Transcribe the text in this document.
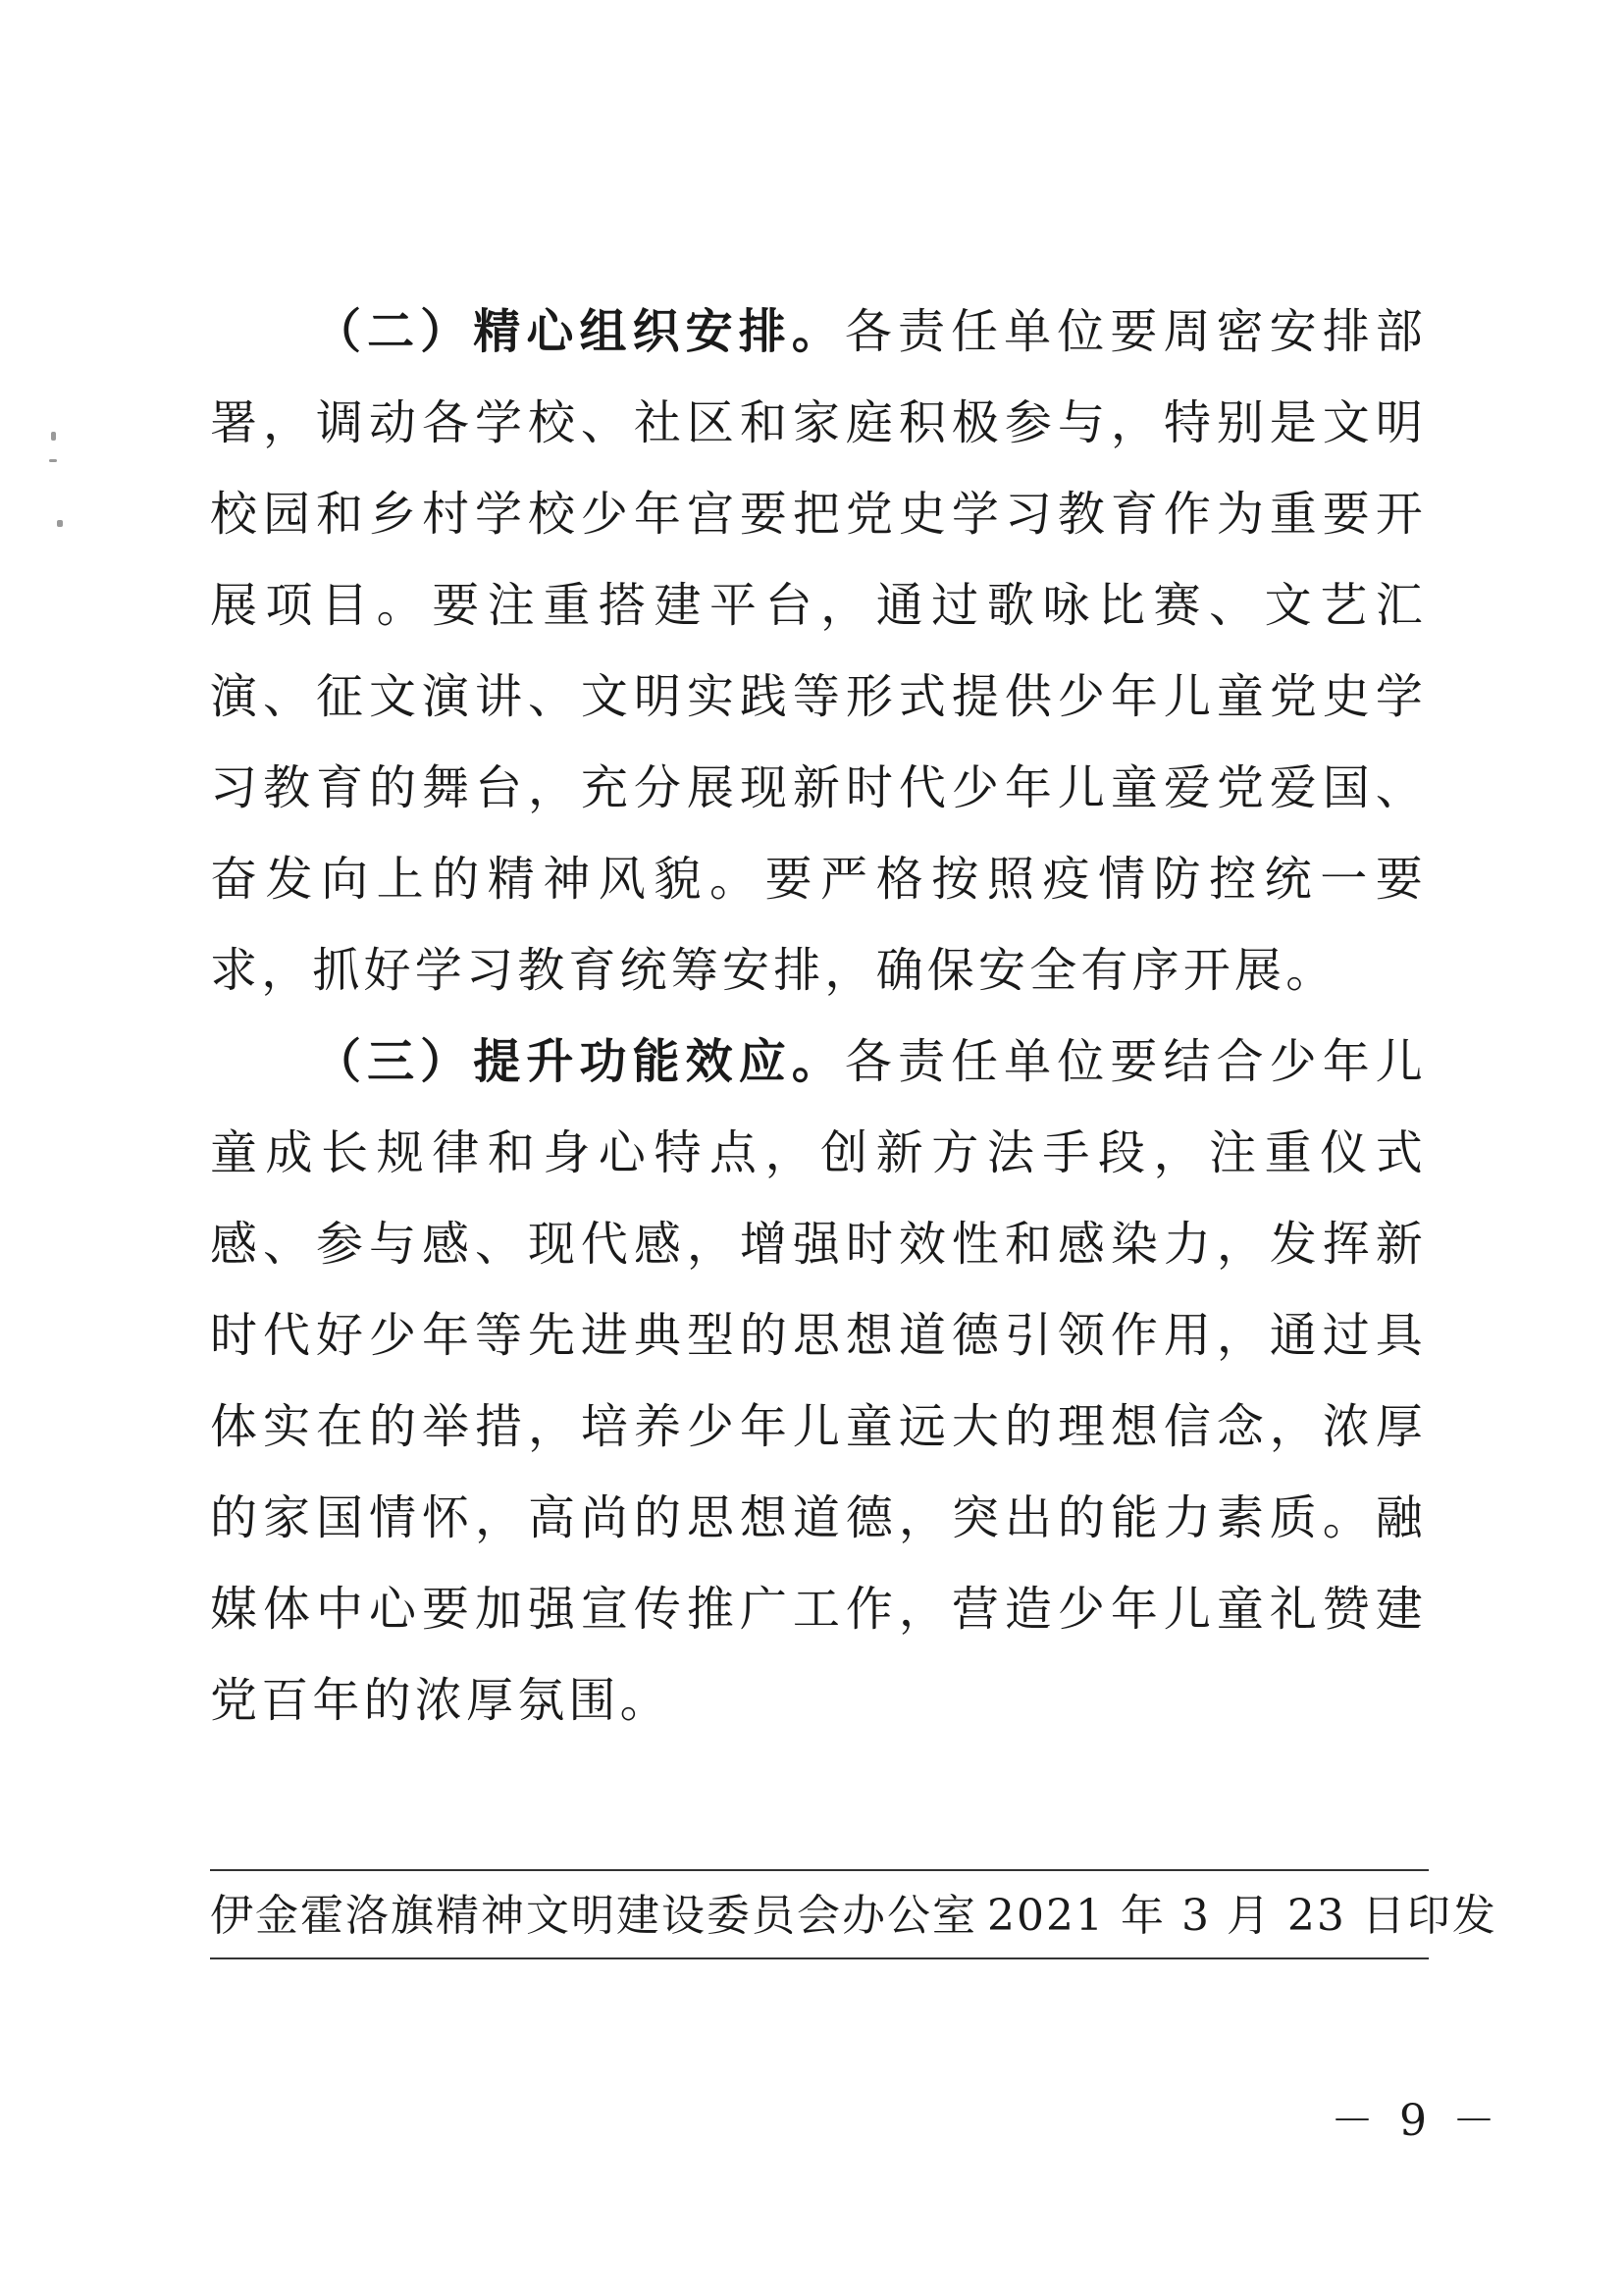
（二）精心组织安排。各责任单位要周密安排部署，调动各学校、社区和家庭积极参与，特别是文明校园和乡村学校少年宫要把党史学习教育作为重要开展项目。要注重搭建平台，通过歌咏比赛、文艺汇演、征文演讲、文明实践等形式提供少年儿童党史学习教育的舞台，充分展现新时代少年儿童爱党爱国、奋发向上的精神风貌。要严格按照疫情防控统一要求，抓好学习教育统筹安排，确保安全有序开展。

（三）提升功能效应。各责任单位要结合少年儿童成长规律和身心特点，创新方法手段，注重仪式感、参与感、现代感，增强时效性和感染力，发挥新时代好少年等先进典型的思想道德引领作用，通过具体实在的举措，培养少年儿童远大的理想信念，浓厚的家国情怀，高尚的思想道德，突出的能力素质。融媒体中心要加强宣传推广工作，营造少年儿童礼赞建党百年的浓厚氛围。

伊金霍洛旗精神文明建设委员会办公室 2021 年 3 月 23 日印发
－ 9 －
